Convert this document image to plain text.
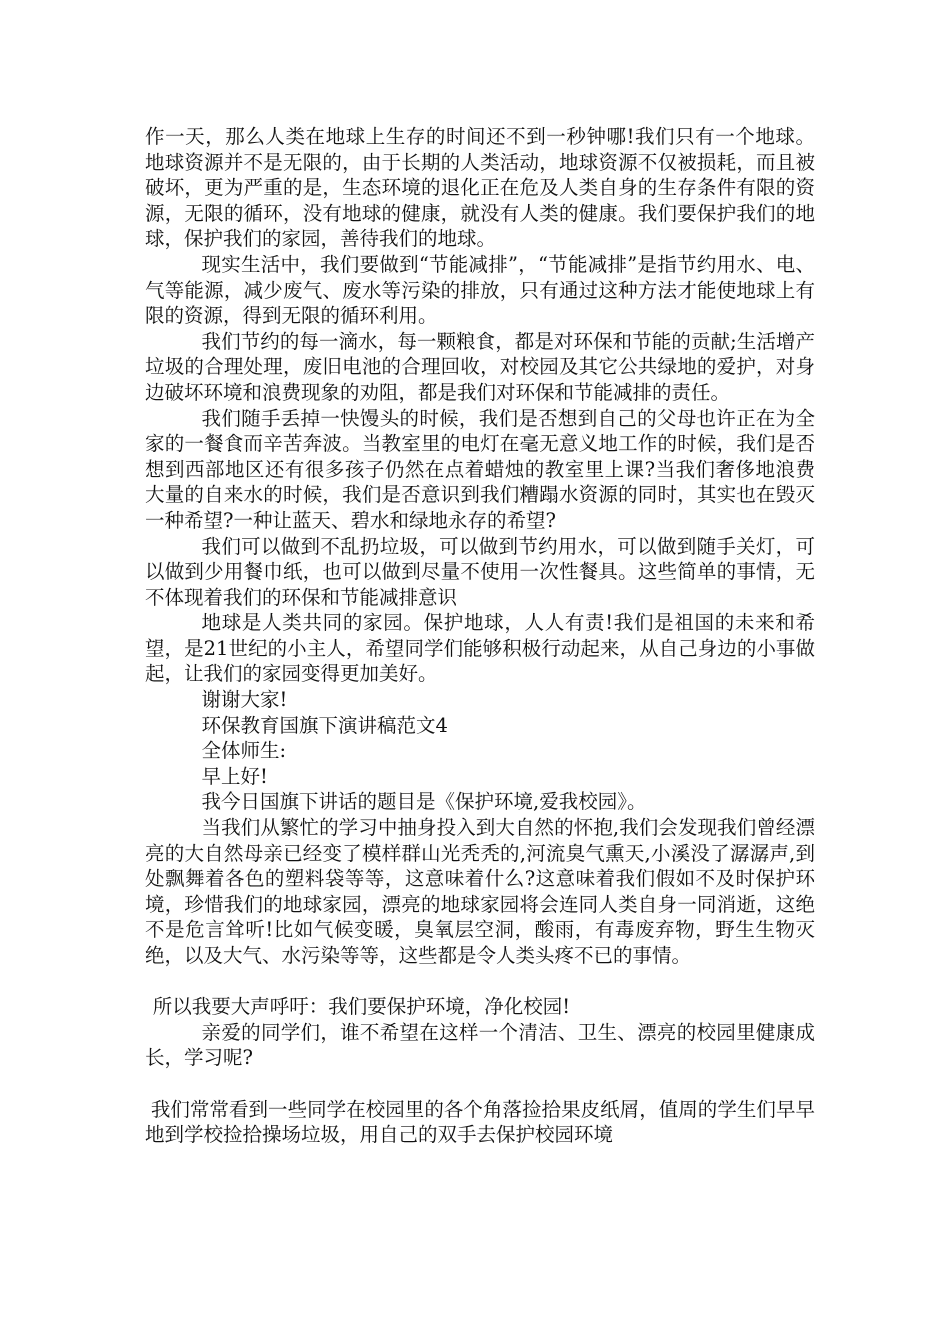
作一天，那么人类在地球上生存的时间还不到一秒钟哪!我们只有一个地球。地球资源并不是无限的，由于长期的人类活动，地球资源不仅被损耗，而且被破坏，更为严重的是，生态环境的退化正在危及人类自身的生存条件有限的资源，无限的循环，没有地球的健康，就没有人类的健康。我们要保护我们的地球，保护我们的家园，善待我们的地球。

现实生活中，我们要做到“节能减排”，“节能减排”是指节约用水、电、气等能源，减少废气、废水等污染的排放，只有通过这种方法才能使地球上有限的资源，得到无限的循环利用。

我们节约的每一滴水，每一颗粮食，都是对环保和节能的贡献;生活增产垃圾的合理处理，废旧电池的合理回收，对校园及其它公共绿地的爱护，对身边破坏环境和浪费现象的劝阻，都是我们对环保和节能减排的责任。

我们随手丢掉一快馒头的时候，我们是否想到自己的父母也许正在为全家的一餐食而辛苦奔波。当教室里的电灯在毫无意义地工作的时候，我们是否想到西部地区还有很多孩子仍然在点着蜡烛的教室里上课?当我们奢侈地浪费大量的自来水的时候，我们是否意识到我们糟蹋水资源的同时，其实也在毁灭一种希望?一种让蓝天、碧水和绿地永存的希望?

我们可以做到不乱扔垃圾，可以做到节约用水，可以做到随手关灯，可以做到少用餐巾纸，也可以做到尽量不使用一次性餐具。这些简单的事情，无不体现着我们的环保和节能减排意识

地球是人类共同的家园。保护地球，人人有责!我们是祖国的未来和希望，是21世纪的小主人，希望同学们能够积极行动起来，从自己身边的小事做起，让我们的家园变得更加美好。

谢谢大家!

环保教育国旗下演讲稿范文4

全体师生:

早上好!

我今日国旗下讲话的题目是《保护环境,爱我校园》。

当我们从繁忙的学习中抽身投入到大自然的怀抱,我们会发现我们曾经漂亮的大自然母亲已经变了模样群山光秃秃的,河流臭气熏天,小溪没了潺潺声,到处飘舞着各色的塑料袋等等，这意味着什么?这意味着我们假如不及时保护环境，珍惜我们的地球家园，漂亮的地球家园将会连同人类自身一同消逝，这绝不是危言耸听!比如气候变暖，臭氧层空洞，酸雨，有毒废弃物，野生生物灭绝，以及大气、水污染等等，这些都是令人类头疼不已的事情。

所以我要大声呼吁：我们要保护环境，净化校园!

亲爱的同学们，谁不希望在这样一个清洁、卫生、漂亮的校园里健康成长，学习呢?

我们常常看到一些同学在校园里的各个角落捡拾果皮纸屑，值周的学生们早早地到学校捡拾操场垃圾，用自己的双手去保护校园环境
